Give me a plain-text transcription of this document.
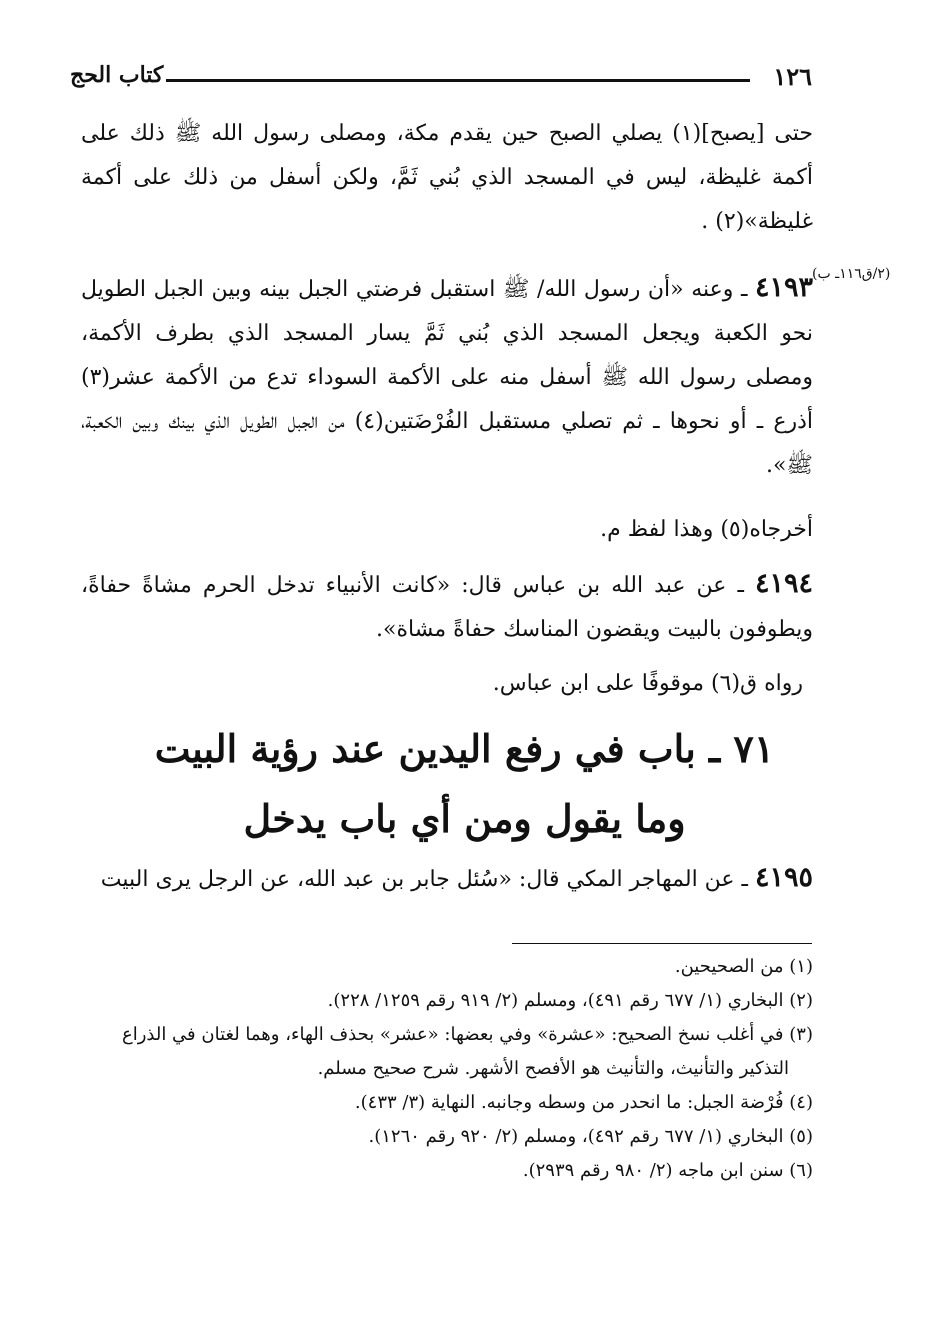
١٢٦
كتاب الحج
حتى [يصبح](١) يصلي الصبح حين يقدم مكة، ومصلى رسول الله ﷺ ذلك على أكمة غليظة، ليس في المسجد الذي بُني ثَمَّ، ولكن أسفل من ذلك على أكمة غليظة»(٢) .
(٢/ق١١٦ـ ب)
٤١٩٣ ـ وعنه «أن رسول الله/ ﷺ استقبل فرضتي الجبل بينه وبين الجبل الطويل نحو الكعبة ويجعل المسجد الذي بُني ثَمَّ يسار المسجد الذي بطرف الأكمة، ومصلى رسول الله ﷺ أسفل منه على الأكمة السوداء تدع من الأكمة عشر(٣) أذرع ـ أو نحوها ـ ثم تصلي مستقبل الفُرْضَتين(٤) من الجبل الطويل الذي بينك وبين الكعبة، ﷺ».
أخرجاه(٥) وهذا لفظ م.
٤١٩٤ ـ عن عبد الله بن عباس قال: «كانت الأنبياء تدخل الحرم مشاةً حفاةً، ويطوفون بالبيت ويقضون المناسك حفاةً مشاة».
رواه ق(٦) موقوفًا على ابن عباس.
٧١ ـ باب في رفع اليدين عند رؤية البيت
وما يقول ومن أي باب يدخل
٤١٩٥ ـ عن المهاجر المكي قال: «سُئل جابر بن عبد الله، عن الرجل يرى البيت

(١) من الصحيحين.

(٢) البخاري (١/ ٦٧٧ رقم ٤٩١)، ومسلم (٢/ ٩١٩ رقم ١٢٥٩/ ٢٢٨).

(٣) في أغلب نسخ الصحيح: «عشرة» وفي بعضها: «عشر» بحذف الهاء، وهما لغتان في الذراع التذكير والتأنيث، والتأنيث هو الأفصح الأشهر. شرح صحيح مسلم.

(٤) فُرْضة الجبل: ما انحدر من وسطه وجانبه. النهاية (٣/ ٤٣٣).

(٥) البخاري (١/ ٦٧٧ رقم ٤٩٢)، ومسلم (٢/ ٩٢٠ رقم ١٢٦٠).

(٦) سنن ابن ماجه (٢/ ٩٨٠ رقم ٢٩٣٩).
